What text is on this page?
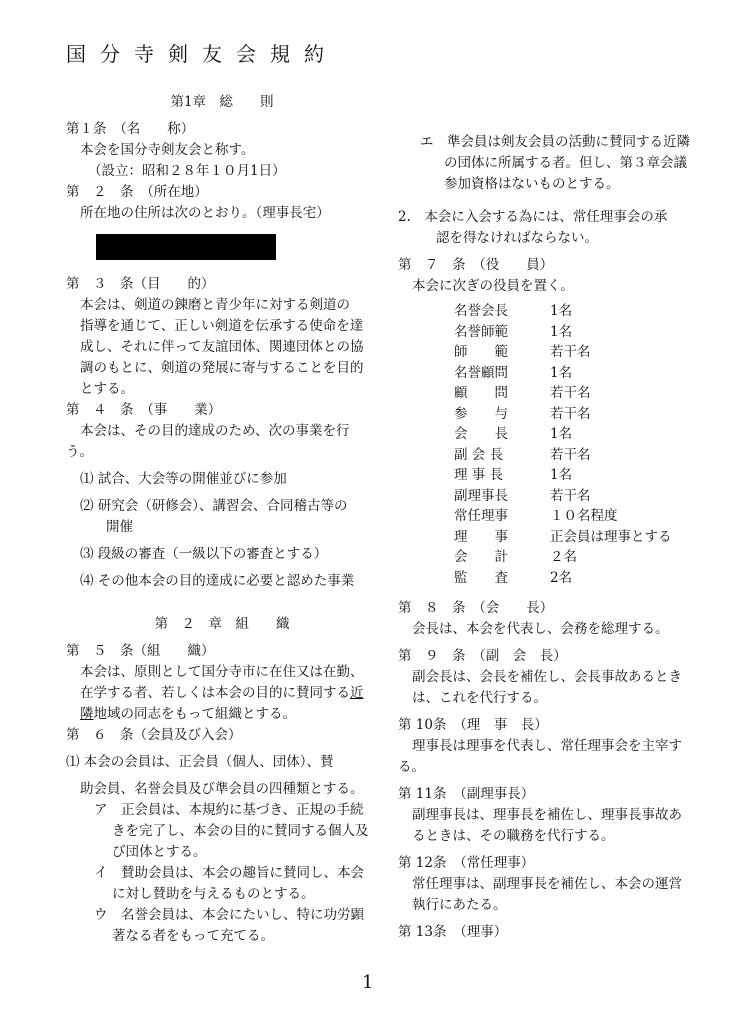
国分寺剣友会規約
第1章　総　　則
第１条　（名　　称）
本会を国分寺剣友会と称す。
（設立：昭和２８年１０月1日）
第　２　条　（所在地）
所在地の住所は次のとおり。（理事長宅）
第　３　条（目　　的）
本会は、剣道の錬磨と青少年に対する剣道の
指導を通じて、正しい剣道を伝承する使命を達
成し、それに伴って友誼団体、関連団体との協
調のもとに、剣道の発展に寄与することを目的
とする。
第　４　条　（事　　業）
本会は、その目的達成のため、次の事業を行
う。
⑴ 試合、大会等の開催並びに参加
⑵ 研究会（研修会）、講習会、合同稽古等の
開催
⑶ 段級の審査（一級以下の審査とする）
⑷ その他本会の目的達成に必要と認めた事業
第　２　章　組　　織
第　５　条（組　　織）
本会は、原則として国分寺市に在住又は在勤、
在学する者、若しくは本会の目的に賛同する近
隣地域の同志をもって組織とする。
第　６　条（会員及び入会）
⑴ 本会の会員は、正会員（個人、団体）、賛
助会員、名誉会員及び準会員の四種類とする。
ア　正会員は、本規約に基づき、正規の手続
きを完了し、本会の目的に賛同する個人及
び団体とする。
イ　賛助会員は、本会の趣旨に賛同し、本会
に対し賛助を与えるものとする。
ウ　名誉会員は、本会にたいし、特に功労顕
著なる者をもって充てる。
エ　準会員は剣友会員の活動に賛同する近隣
の団体に所属する者。但し、第３章会議
参加資格はないものとする。
2.　本会に入会する為には、常任理事会の承
認を得なければならない。
第　７　条　（役　　員）
本会に次ぎの役員を置く。
名誉会長	1名
名誉師範	1名
師　　範	若干名
名誉顧問	1名
顧　　問	若干名
参　　与	若干名
会　　長	1名
副 会 長	若干名
理 事 長	1名
副理事長	若干名
常任理事	１０名程度
理　　事	正会員は理事とする
会　　計	２名
監　　査	2名
第　８　条　（会　　長）
会長は、本会を代表し、会務を総理する。
第　９　条　（副　会　長）
副会長は、会長を補佐し、会長事故あるとき
は、これを代行する。
第 10条　（理　事　長）
理事長は理事を代表し、常任理事会を主宰す
る。
第 11条　（副理事長）
副理事長は、理事長を補佐し、理事長事故あ
るときは、その職務を代行する。
第 12条　（常任理事）
常任理事は、副理事長を補佐し、本会の運営
執行にあたる。
第 13条　（理事）
1
